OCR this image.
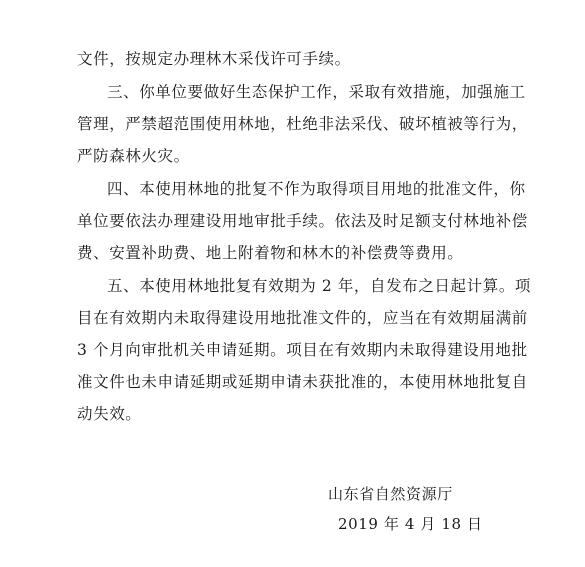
文件，按规定办理林木采伐许可手续。
三、你单位要做好生态保护工作，采取有效措施，加强施工
管理，严禁超范围使用林地，杜绝非法采伐、破坏植被等行为，
严防森林火灾。
四、本使用林地的批复不作为取得项目用地的批准文件，你
单位要依法办理建设用地审批手续。依法及时足额支付林地补偿
费、安置补助费、地上附着物和林木的补偿费等费用。
五、本使用林地批复有效期为 2 年，自发布之日起计算。项
目在有效期内未取得建设用地批准文件的，应当在有效期届满前
3 个月向审批机关申请延期。项目在有效期内未取得建设用地批
准文件也未申请延期或延期申请未获批准的，本使用林地批复自
动失效。
山东省自然资源厅
2019 年 4 月 18 日
